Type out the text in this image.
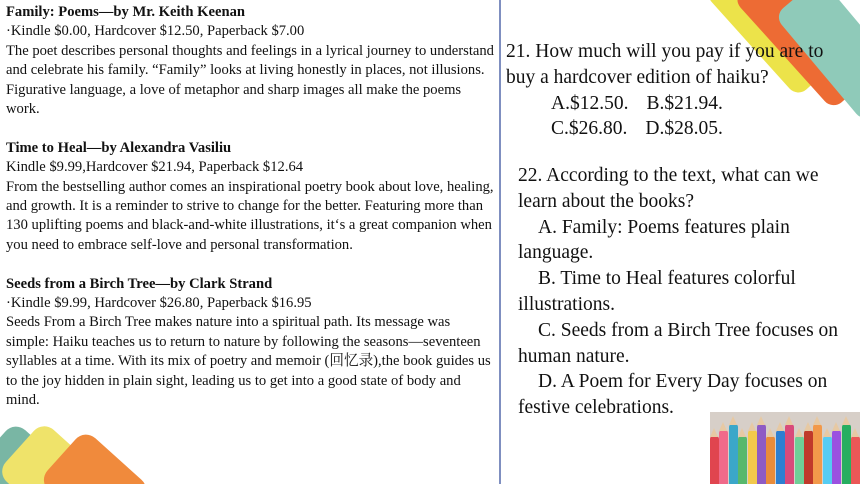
Family: Poems—by Mr. Keith Keenan
·Kindle $0.00, Hardcover $12.50, Paperback $7.00
The poet describes personal thoughts and feelings in a lyrical journey to understand and celebrate his family. “Family” looks at living honestly in places, not illusions. Figurative language, a love of metaphor and sharp images all make the poems work.
Time to Heal—by Alexandra Vasiliu
Kindle $9.99,Hardcover $21.94, Paperback $12.64
From the bestselling author comes an inspirational poetry book about love, healing, and growth. It is a reminder to strive to change for the better. Featuring more than 130 uplifting poems and black-and-white illustrations, it‘s a great companion when you need to embrace self-love and personal transformation.
Seeds from a Birch Tree—by Clark Strand
·Kindle $9.99, Hardcover $26.80, Paperback $16.95
Seeds From a Birch Tree makes nature into a spiritual path. Its message was simple: Haiku teaches us to return to nature by following the seasons—seventeen syllables at a time. With its mix of poetry and memoir (回忆录),the book guides us to the joy hidden in plain sight, leading us to get into a good state of body and mind.
21. How much will you pay if you are to buy a hardcover edition of haiku?
A.$12.50. B.$21.94.
C.$26.80. D.$28.05.
22. According to the text, what can we learn about the books?
A. Family: Poems features plain language.
B. Time to Heal features colorful illustrations.
C. Seeds from a Birch Tree focuses on human nature.
D. A Poem for Every Day focuses on festive celebrations.
